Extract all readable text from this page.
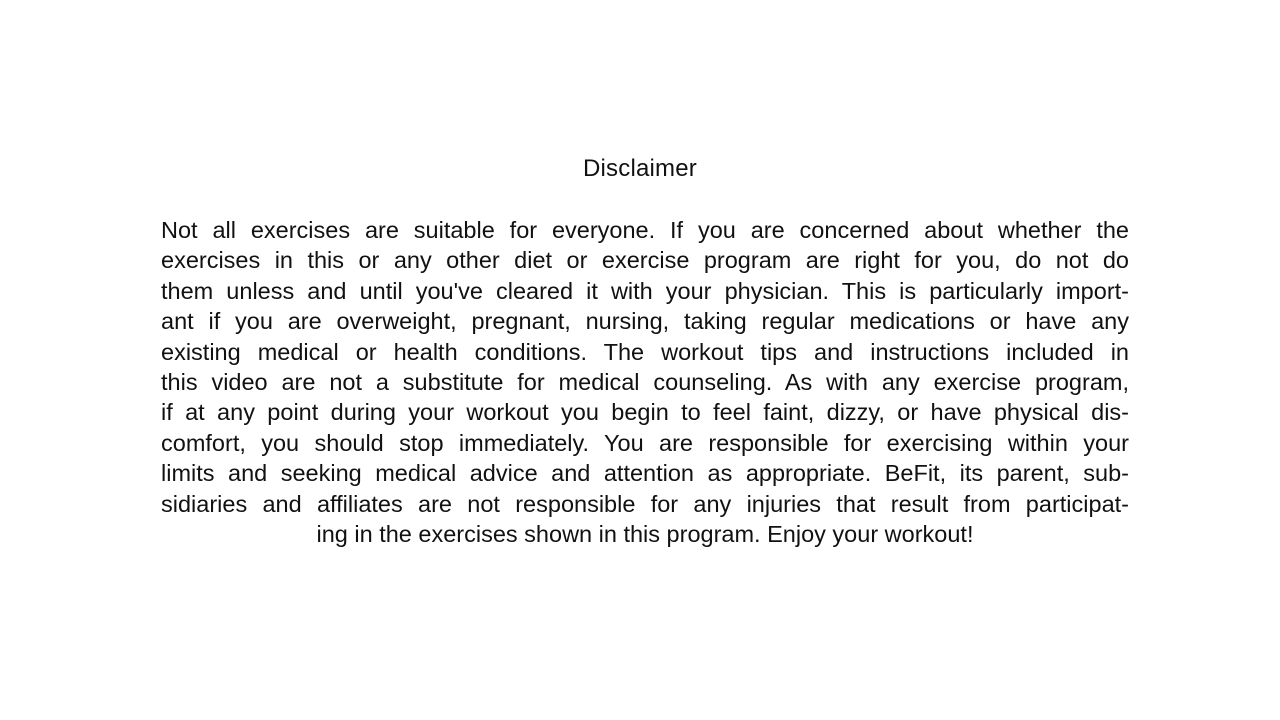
Disclaimer
Not all exercises are suitable for everyone. If you are concerned about whether the
exercises in this or any other diet or exercise program are right for you, do not do
them unless and until you've cleared it with your physician. This is particularly import-
ant if you are overweight, pregnant, nursing, taking regular medications or have any
existing medical or health conditions. The workout tips and instructions included in
this video are not a substitute for medical counseling. As with any exercise program,
if at any point during your workout you begin to feel faint, dizzy, or have physical dis-
comfort, you should stop immediately. You are responsible for exercising within your
limits and seeking medical advice and attention as appropriate. BeFit, its parent, sub-
sidiaries and affiliates are not responsible for any injuries that result from participat-
ing in the exercises shown in this program. Enjoy your workout!
